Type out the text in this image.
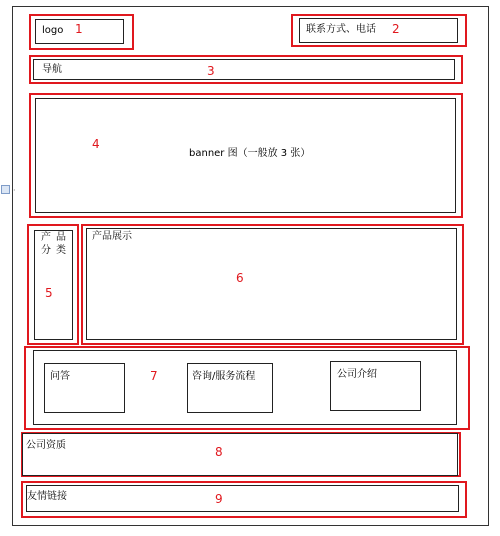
·
logo 1	联系方式、电话 2
导航	3
banner 图（一般放 3 张）
4
产 品
分 类
5
产品展示
6
问答	咨询/服务流程	公司介绍
7
公司资质	8
友情链接	9
